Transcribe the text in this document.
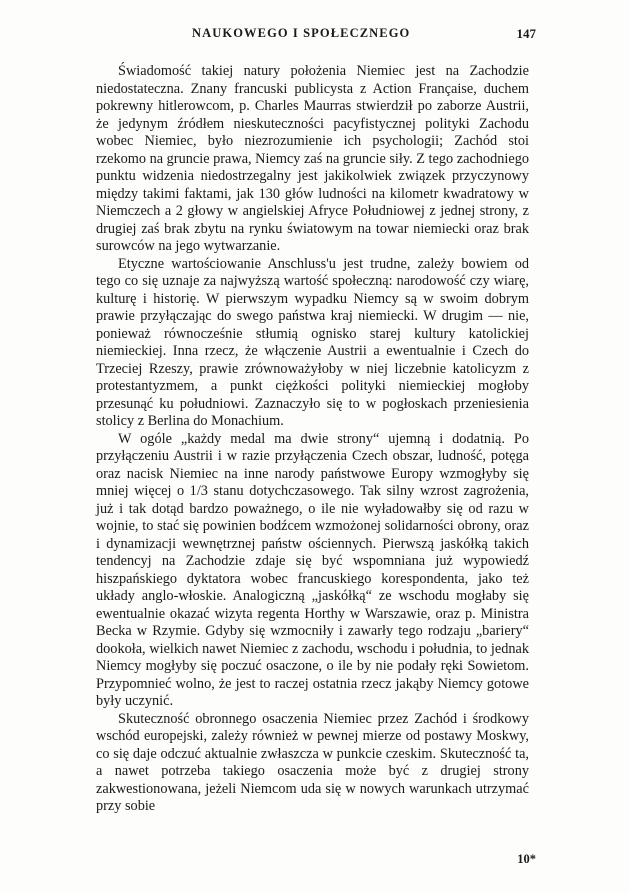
NAUKOWEGO I SPOŁECZNEGO	147

Świadomość takiej natury położenia Niemiec jest na Zachodzie niedostateczna. Znany francuski publicysta z Action Française, duchem pokrewny hitlerowcom, p. Charles Maurras stwierdził po zaborze Austrii, że jedynym źródłem nieskuteczności pacyfistycznej polityki Zachodu wobec Niemiec, było niezrozumienie ich psychologii; Zachód stoi rzekomo na gruncie prawa, Niemcy zaś na gruncie siły. Z tego zachodniego punktu widzenia niedostrzegalny jest jakikolwiek związek przyczynowy między takimi faktami, jak 130 głów ludności na kilometr kwadratowy w Niemczech a 2 głowy w angielskiej Afryce Południowej z jednej strony, z drugiej zaś brak zbytu na rynku światowym na towar niemiecki oraz brak surowców na jego wytwarzanie.

Etyczne wartościowanie Anschluss'u jest trudne, zależy bowiem od tego co się uznaje za najwyższą wartość społeczną: narodowość czy wiarę, kulturę i historię. W pierwszym wypadku Niemcy są w swoim dobrym prawie przyłączając do swego państwa kraj niemiecki. W drugim — nie, ponieważ równocześnie stłumią ognisko starej kultury katolickiej niemieckiej. Inna rzecz, że włączenie Austrii a ewentualnie i Czech do Trzeciej Rzeszy, prawie zrównoważyłoby w niej liczebnie katolicyzm z protestantyzmem, a punkt ciężkości polityki niemieckiej mogłoby przesunąć ku południowi. Zaznaczyło się to w pogłoskach przeniesienia stolicy z Berlina do Monachium.

W ogóle „każdy medal ma dwie strony“ ujemną i dodatnią. Po przyłączeniu Austrii i w razie przyłączenia Czech obszar, ludność, potęga oraz nacisk Niemiec na inne narody państwowe Europy wzmogłyby się mniej więcej o 1/3 stanu dotychczasowego. Tak silny wzrost zagrożenia, już i tak dotąd bardzo poważnego, o ile nie wyładowałby się od razu w wojnie, to stać się powinien bodźcem wzmożonej solidarności obrony, oraz i dynamizacji wewnętrznej państw ościennych. Pierwszą jaskółką takich tendencyj na Zachodzie zdaje się być wspomniana już wypowiedź hiszpańskiego dyktatora wobec francuskiego korespondenta, jako też układy anglo-włoskie. Analogiczną „jaskółką“ ze wschodu mogłaby się ewentualnie okazać wizyta regenta Horthy w Warszawie, oraz p. Ministra Becka w Rzymie. Gdyby się wzmocniły i zawarły tego rodzaju „bariery“ dookoła, wielkich nawet Niemiec z zachodu, wschodu i południa, to jednak Niemcy mogłyby się poczuć osaczone, o ile by nie podały ręki Sowietom. Przypomnieć wolno, że jest to raczej ostatnia rzecz jakąby Niemcy gotowe były uczynić.

Skuteczność obronnego osaczenia Niemiec przez Zachód i środkowy wschód europejski, zależy również w pewnej mierze od postawy Moskwy, co się daje odczuć aktualnie zwłaszcza w punkcie czeskim. Skuteczność ta, a nawet potrzeba takiego osaczenia może być z drugiej strony zakwestionowana, jeżeli Niemcom uda się w nowych warunkach utrzymać przy sobie

10*
